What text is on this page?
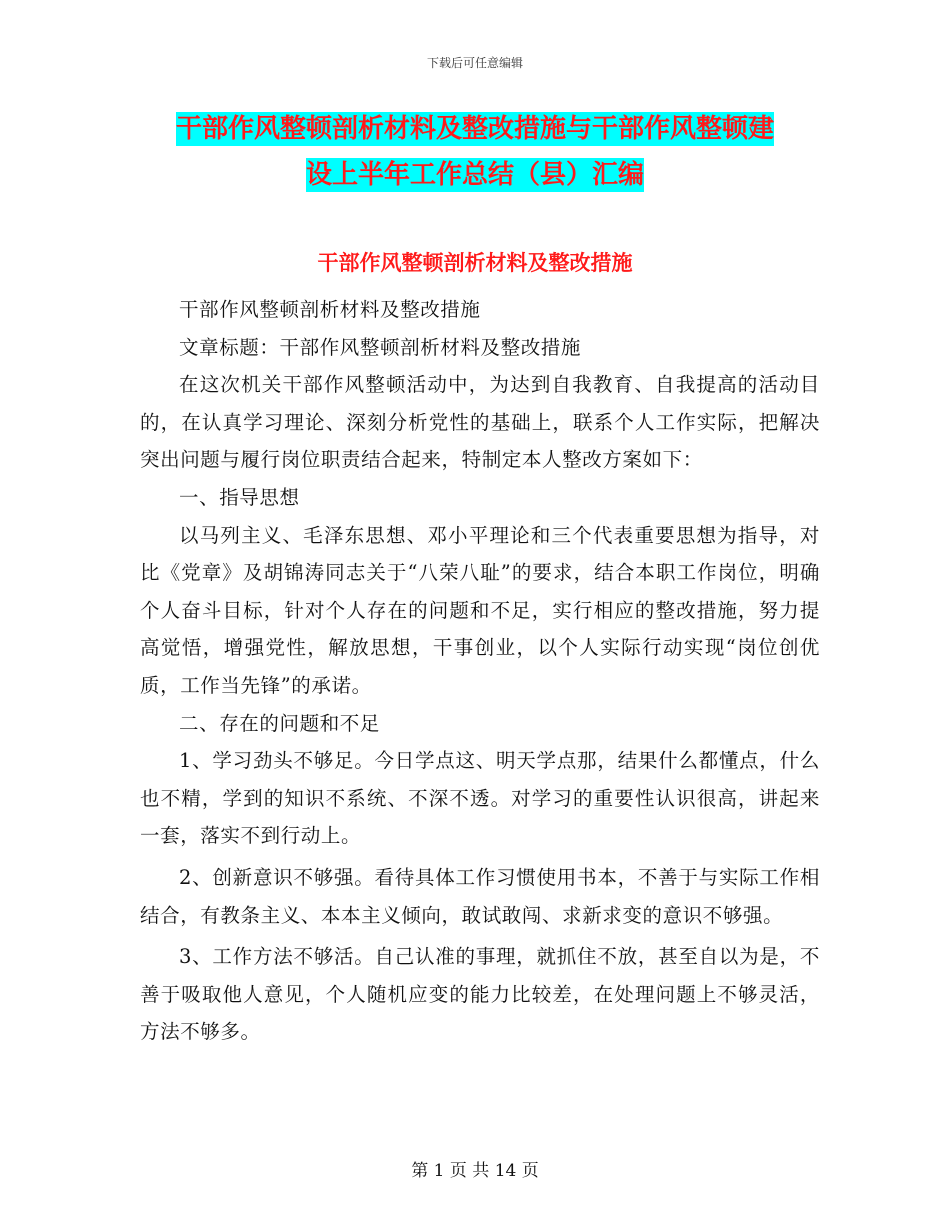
下载后可任意编辑
干部作风整顿剖析材料及整改措施与干部作风整顿建
设上半年工作总结（县）汇编
干部作风整顿剖析材料及整改措施

干部作风整顿剖析材料及整改措施

文章标题：干部作风整顿剖析材料及整改措施

在这次机关干部作风整顿活动中，为达到自我教育、自我提高的活动目的，在认真学习理论、深刻分析党性的基础上，联系个人工作实际，把解决突出问题与履行岗位职责结合起来，特制定本人整改方案如下：

一、指导思想

以马列主义、毛泽东思想、邓小平理论和三个代表重要思想为指导，对比《党章》及胡锦涛同志关于“八荣八耻”的要求，结合本职工作岗位，明确个人奋斗目标，针对个人存在的问题和不足，实行相应的整改措施，努力提高觉悟，增强党性，解放思想，干事创业，以个人实际行动实现“岗位创优质，工作当先锋”的承诺。

二、存在的问题和不足

1、学习劲头不够足。今日学点这、明天学点那，结果什么都懂点，什么也不精，学到的知识不系统、不深不透。对学习的重要性认识很高，讲起来一套，落实不到行动上。

2、创新意识不够强。看待具体工作习惯使用书本，不善于与实际工作相结合，有教条主义、本本主义倾向，敢试敢闯、求新求变的意识不够强。

3、工作方法不够活。自己认准的事理，就抓住不放，甚至自以为是，不善于吸取他人意见，个人随机应变的能力比较差，在处理问题上不够灵活，方法不够多。

第 1 页 共 14 页
